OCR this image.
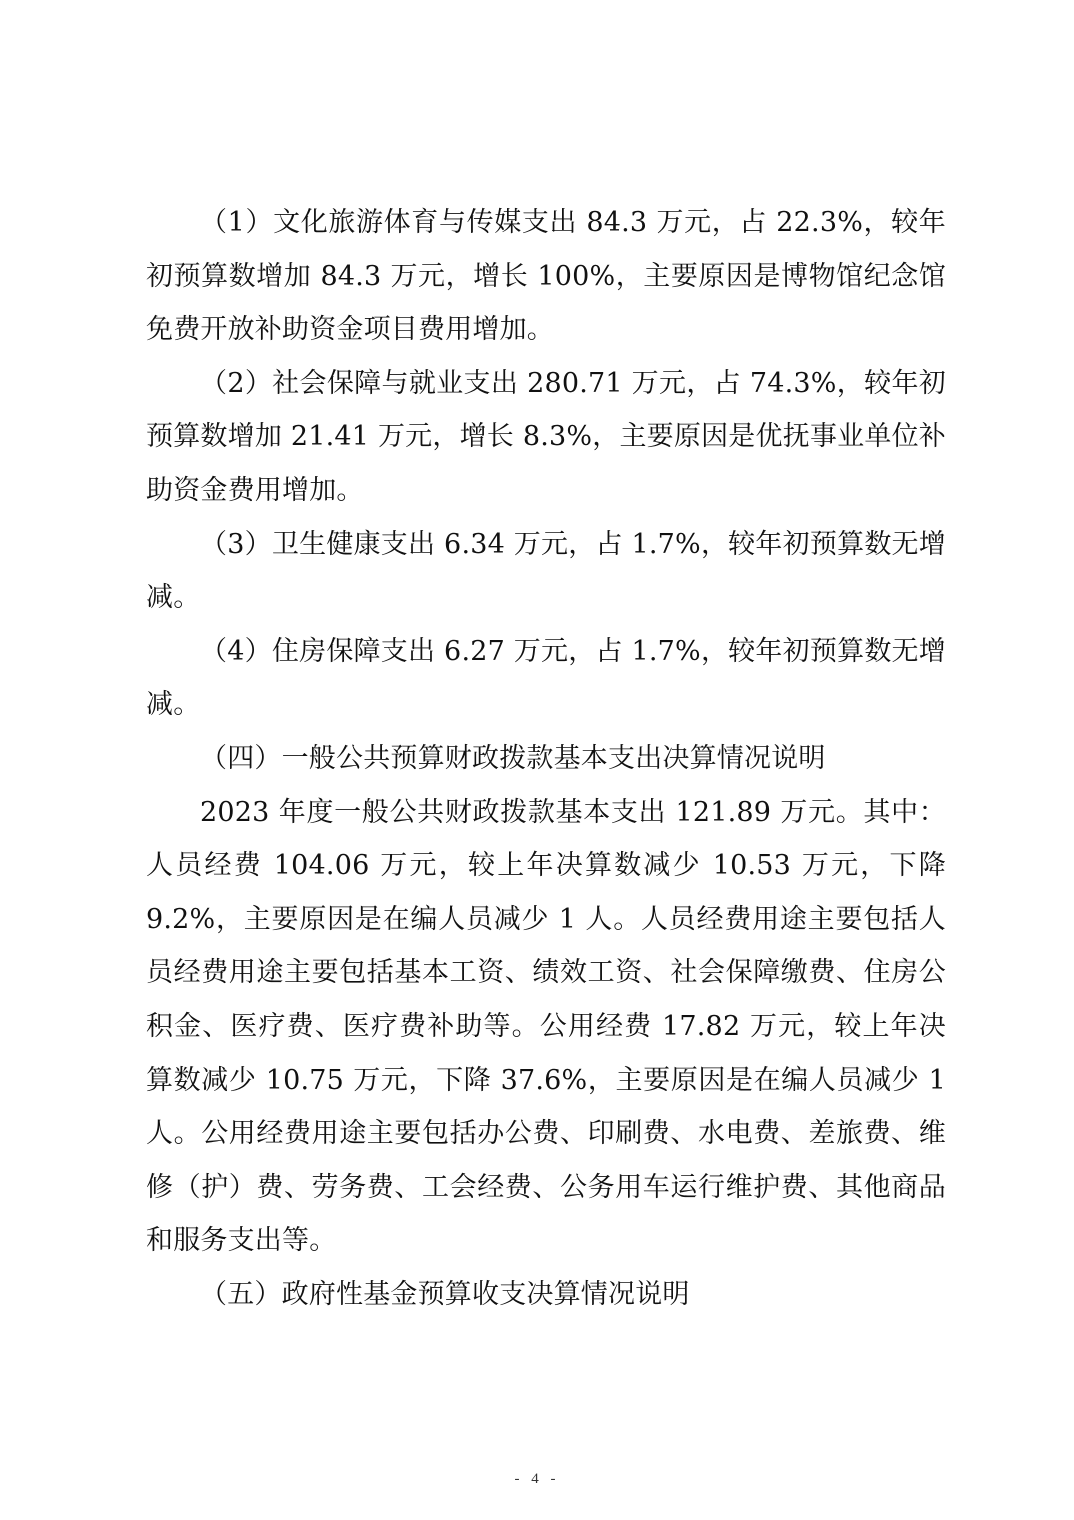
（1）文化旅游体育与传媒支出 84.3 万元，占 22.3%，较年初预算数增加 84.3 万元，增长 100%，主要原因是博物馆纪念馆免费开放补助资金项目费用增加。

（2）社会保障与就业支出 280.71 万元，占 74.3%，较年初预算数增加 21.41 万元，增长 8.3%，主要原因是优抚事业单位补助资金费用增加。

（3）卫生健康支出 6.34 万元，占 1.7%，较年初预算数无增减。

（4）住房保障支出 6.27 万元，占 1.7%，较年初预算数无增减。

（四）一般公共预算财政拨款基本支出决算情况说明

2023 年度一般公共财政拨款基本支出 121.89 万元。其中：人员经费 104.06 万元，较上年决算数减少 10.53 万元，下降 9.2%，主要原因是在编人员减少 1 人。人员经费用途主要包括人员经费用途主要包括基本工资、绩效工资、社会保障缴费、住房公积金、医疗费、医疗费补助等。公用经费 17.82 万元，较上年决算数减少 10.75 万元，下降 37.6%，主要原因是在编人员减少 1 人。公用经费用途主要包括办公费、印刷费、水电费、差旅费、维修（护）费、劳务费、工会经费、公务用车运行维护费、其他商品和服务支出等。

（五）政府性基金预算收支决算情况说明

- 4 -
